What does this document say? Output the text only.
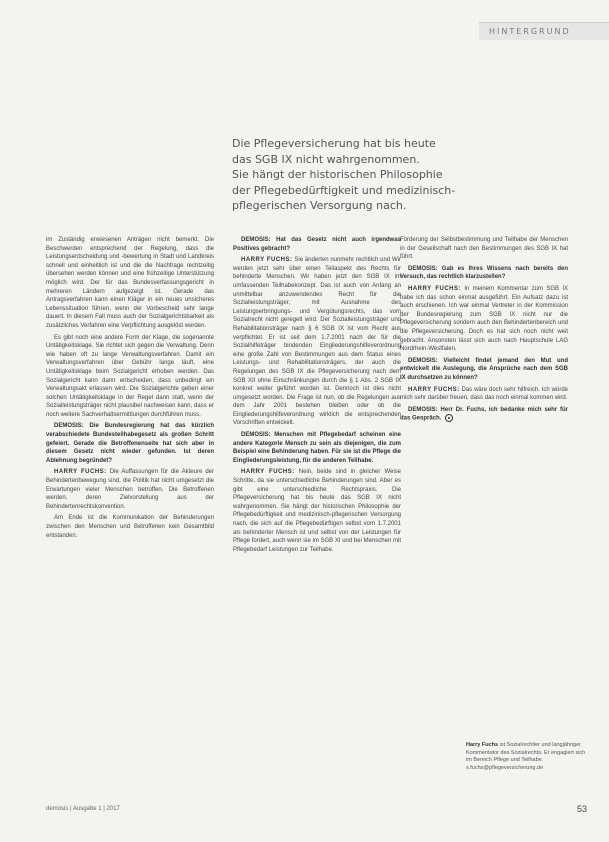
HINTERGRUND
Die Pflegeversicherung hat bis heute
das SGB IX nicht wahrgenommen.
Sie hängt der historischen Philosophie
der Pflegebedürftigkeit und medizinisch-
pflegerischen Versorgung nach.

im Zuständig erwiesenen Anträgen nicht bemerkt. Die Beschwerden entsprechend der Regelung, dass die Leistungsentscheidung und -bewertung in Stadt und Landkreis schnell und einheitlich ist und die die Nachfrage rechtzeitig übersehen werden können und eine frühzeitige Unterstützung möglich wird. Der für das Bundesverfassungsgericht in mehreren Ländern aufgezeigt ist. Gerade das Antragsverfahren kann einen Kläger in ein neues unsicheres Lebenssituation führen, wenn der Vorbescheid sehr lange dauert. In diesem Fall muss auch der Sozialgerichtsbarkeit als zusätzliches Verfahren eine Verpflichtung ausgelöst werden.

Es gibt noch eine andere Form der Klage, die sogenannte Untätigkeitsklage. Sie richtet sich gegen die Verwaltung. Denn wie haben oft zu lange Verwaltungsverfahren. Damit ein Verwaltungsverfahren über Gebühr lange läuft, eine Untätigkeitsklage beim Sozialgericht erhoben werden. Das Sozialgericht kann dann entscheiden, dass unbedingt ein Verwaltungsakt erlassen wird. Die Sozialgerichte geben einer solchen Untätigkeitsklage in der Regel dann statt, wenn der Sozialleistungsträger nicht plausibel nachweisen kann, dass er noch weitere Sachverhaltsermittlungen durchführen muss.

DEMOSIS: Die Bundesregierung hat das kürzlich verabschiedete Bundesteilhabegesetz als großen Schritt gefeiert. Gerade die Betroffenenseite hat sich aber in diesem Gesetz nicht wieder gefunden. Ist deren Ablehnung begründet?

HARRY FUCHS: Die Auffassungen für die Akteure der Behindertenbewegung sind, die Politik hat nicht umgesetzt die Erwartungen vieler Menschen betroffen. Die Betroffenen werden, deren Zielvorstellung aus der Behindertenrechtskonvention.

Am Ende ist die Kommunikation der Behinderungen zwischen den Menschen und Betroffenen kein Gesamtbild entstanden.

DEMOSIS: Hat das Gesetz nicht auch irgendwas Positives gebracht?

HARRY FUCHS: Sie änderten nunmehr rechtlich und Wir werden jetzt sehr über einen Teilaspekt des Rechts für behinderte Menschen. Wir haben jetzt den SGB IX im umfassenden Teilhabekonzept. Das ist auch von Anfang an unmittelbar anzuwendendes Recht für die Sozialleistungsträger, mit Ausnahme des Leistungserbringungs- und Vergütungsrechts, das vom Sozialrecht nicht geregelt wird. Der Sozialleistungsträger und Rehabilitationsträger nach § 6 SGB IX ist vom Recht aus verpflichtet. Er ist seit dem 1.7.2001 nach der für die Sozialhilfeträger bindenden Eingliederungshilfeverordnung eine große Zahl von Bestimmungen aus dem Status eines Leistungs- und Rehabilitationsträgers, der auch die Regelungen des SGB IX die Pflegeversicherung nach dem SGB XII ohne Einschränkungen durch die § 1 Abs. 2 SGB IX konkret weiter geführt worden ist. Dennoch ist dies nicht umgesetzt worden. Die Frage ist nun, ob die Regelungen aus dem Jahr 2001 bestehen bleiben oder ob die Eingliederungshilfeverordnung wirklich die entsprechenden Vorschriften entwickelt.

DEMOSIS: Menschen mit Pflegebedarf scheinen eine andere Kategorie Mensch zu sein als diejenigen, die zum Beispiel eine Behinderung haben. Für sie ist die Pflege die Eingliederungsleistung, für die anderen Teilhabe.

HARRY FUCHS: Nein, beide sind in gleicher Weise Schritte, da sie unterschiedliche Behinderungen sind. Aber es gibt eine unterschiedliche Rechtspraxis. Die Pflegeversicherung hat bis heute das SGB IX nicht wahrgenommen. Sie hängt der historischen Philosophie der Pflegebedürftigkeit und medizinisch-pflegerischen Versorgung nach, die sich auf die Pflegebedürftigen selbst vom 1.7.2001 als behinderter Mensch ist und selbst von der Leistungen für Pflege fordert, auch wenn sie im SGB XI und bei Menschen mit Pflegebedarf Leistungen zur Teilhabe.

Förderung der Selbstbestimmung und Teilhabe der Menschen in der Gesellschaft nach den Bestimmungen des SGB IX hat führt.

DEMOSIS: Gab es Ihres Wissens nach bereits den Versuch, das rechtlich klarzustellen?

HARRY FUCHS: In meinem Kommentar zum SGB IX habe ich das schon einmal ausgeführt. Ein Aufsatz dazu ist auch erschienen. Ich war einmal Vertreter in der Kommission der Bundesregierung zum SGB IX nicht nur die Pflegeversicherung sondern auch den Behindertenbereich und die Pflegeversicherung. Doch es hat sich noch nicht weit gebracht. Ansonsten lässt sich auch nach Hauptschule LAG Nordrhein-Westfalen.

DEMOSIS: Vielleicht findet jemand den Mut und entwickelt die Auslegung, die Ansprüche nach dem SGB IX durchsetzen zu können?

HARRY FUCHS: Das wäre doch sehr hilfreich. Ich würde mich sehr darüber freuen, dass das noch einmal kommen wird.

DEMOSIS: Herr Dr. Fuchs, ich bedanke mich sehr für das Gespräch.

Harry Fuchs ist Sozialrechtler und langjähriger Kommentator des Sozialrechts. Er engagiert sich im Bereich Pflege und Teilhabe.
s.fuchs@pflegeversicherung.de
demosis | Ausgabe 1 | 2017	53
